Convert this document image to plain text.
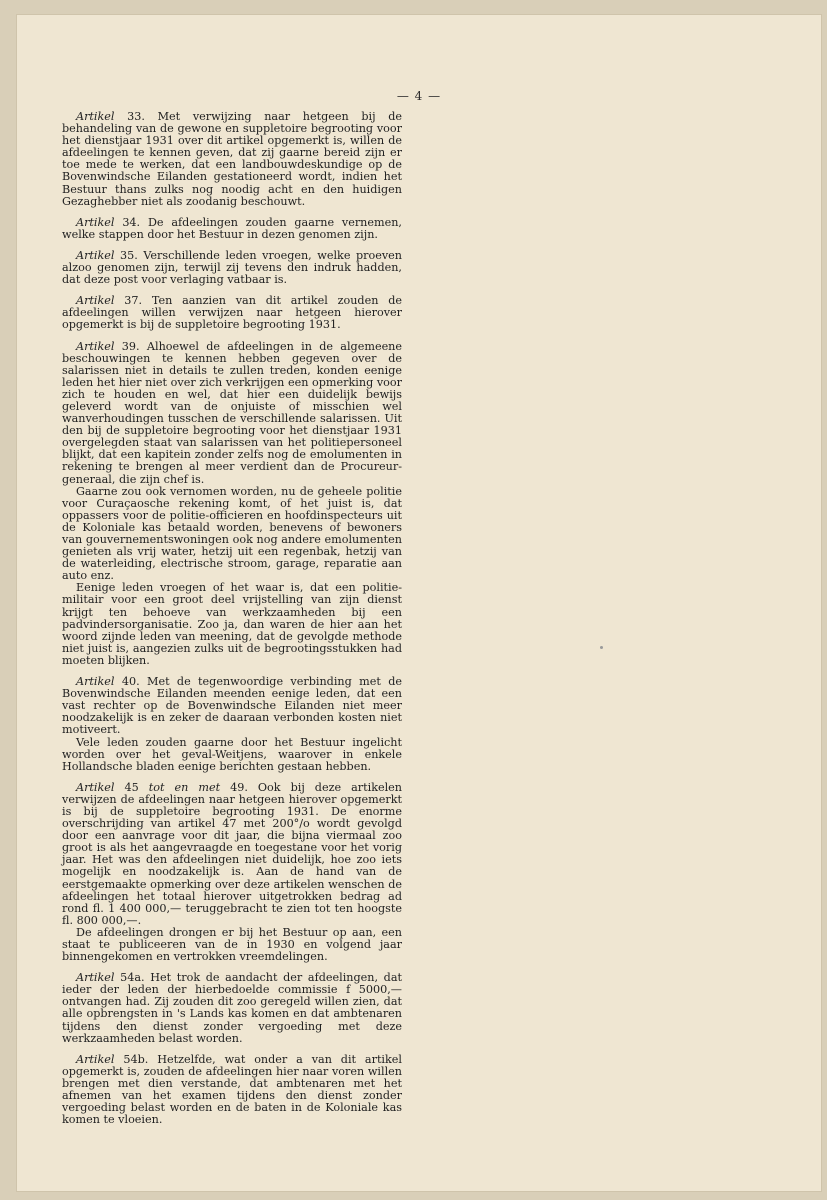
— 4 —

Artikel 33. Met verwijzing naar hetgeen bij de behandeling van de gewone en suppletoire begrooting voor het dienstjaar 1931 over dit artikel opgemerkt is, willen de afdeelingen te kennen geven, dat zij gaarne bereid zijn er toe mede te werken, dat een landbouwdeskundige op de Bovenwindsche Eilanden gestationeerd wordt, indien het Bestuur thans zulks nog noodig acht en den huidigen Gezaghebber niet als zoodanig beschouwt.

Artikel 34. De afdeelingen zouden gaarne vernemen, welke stappen door het Bestuur in dezen genomen zijn.

Artikel 35. Verschillende leden vroegen, welke proeven alzoo genomen zijn, terwijl zij tevens den indruk hadden, dat deze post voor verlaging vatbaar is.

Artikel 37. Ten aanzien van dit artikel zouden de afdeelingen willen verwijzen naar hetgeen hierover opgemerkt is bij de suppletoire begrooting 1931.

Artikel 39. Alhoewel de afdeelingen in de algemeene beschouwingen te kennen hebben gegeven over de salarissen niet in details te zullen treden, konden eenige leden het hier niet over zich verkrijgen een opmerking voor zich te houden en wel, dat hier een duidelijk bewijs geleverd wordt van de onjuiste of misschien wel wanverhoudingen tusschen de verschillende salarissen. Uit den bij de suppletoire begrooting voor het dienstjaar 1931 overgelegden staat van salarissen van het politiepersoneel blijkt, dat een kapitein zonder zelfs nog de emolumenten in rekening te brengen al meer verdient dan de Procureur-generaal, die zijn chef is.

Gaarne zou ook vernomen worden, nu de geheele politie voor Curaçaosche rekening komt, of het juist is, dat oppassers voor de politie-officieren en hoofdinspecteurs uit de Koloniale kas betaald worden, benevens of bewoners van gouvernementswoningen ook nog andere emolumenten genieten als vrij water, hetzij uit een regenbak, hetzij van de waterleiding, electrische stroom, garage, reparatie aan auto enz.

Eenige leden vroegen of het waar is, dat een politie-militair voor een groot deel vrijstelling van zijn dienst krijgt ten behoeve van werkzaamheden bij een padvindersorganisatie. Zoo ja, dan waren de hier aan het woord zijnde leden van meening, dat de gevolgde methode niet juist is, aangezien zulks uit de begrootingsstukken had moeten blijken.

Artikel 40. Met de tegenwoordige verbinding met de Bovenwindsche Eilanden meenden eenige leden, dat een vast rechter op de Bovenwindsche Eilanden niet meer noodzakelijk is en zeker de daaraan verbonden kosten niet motiveert.

Vele leden zouden gaarne door het Bestuur ingelicht worden over het geval-Weitjens, waarover in enkele Hollandsche bladen eenige berichten gestaan hebben.

Artikel 45 tot en met 49. Ook bij deze artikelen verwijzen de afdeelingen naar hetgeen hierover opgemerkt is bij de suppletoire begrooting 1931. De enorme overschrijding van artikel 47 met 200°/o wordt gevolgd door een aanvrage voor dit jaar, die bijna viermaal zoo groot is als het aangevraagde en toegestane voor het vorig jaar. Het was den afdeelingen niet duidelijk, hoe zoo iets mogelijk en noodzakelijk is. Aan de hand van de eerstgemaakte opmerking over deze artikelen wenschen de afdeelingen het totaal hierover uitgetrokken bedrag ad rond fl. 1 400 000,— teruggebracht te zien tot ten hoogste fl. 800 000,—.

De afdeelingen drongen er bij het Bestuur op aan, een staat te publiceeren van de in 1930 en volgend jaar binnengekomen en vertrokken vreemdelingen.

Artikel 54a. Het trok de aandacht der afdeelingen, dat ieder der leden der hierbedoelde commissie f 5000,— ontvangen had. Zij zouden dit zoo geregeld willen zien, dat alle opbrengsten in 's Lands kas komen en dat ambtenaren tijdens den dienst zonder vergoeding met deze werkzaamheden belast worden.

Artikel 54b. Hetzelfde, wat onder a van dit artikel opgemerkt is, zouden de afdeelingen hier naar voren willen brengen met dien verstande, dat ambtenaren met het afnemen van het examen tijdens den dienst zonder vergoeding belast worden en de baten in de Koloniale kas komen te vloeien.
